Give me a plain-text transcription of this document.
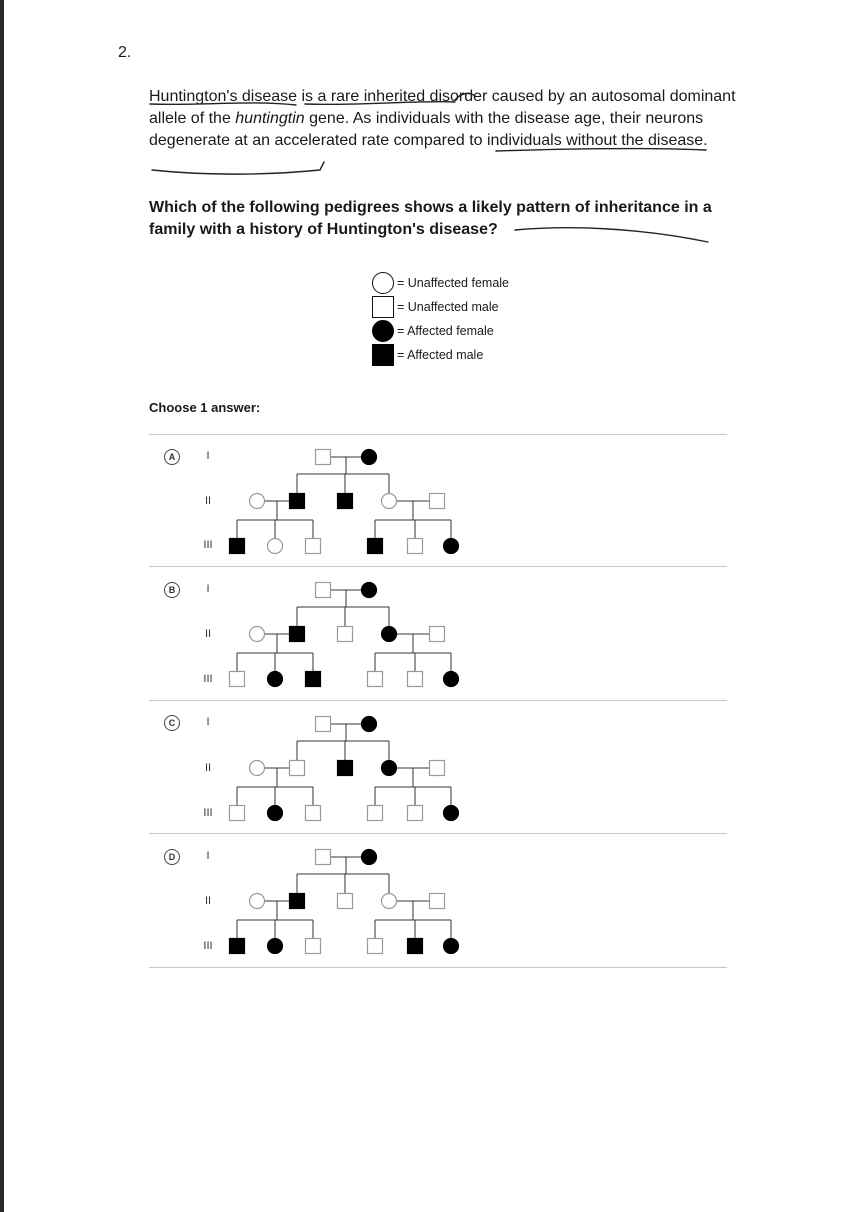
2.
Huntington's disease is a rare inherited disorder caused by an autosomal dominant allele of the huntingtin gene. As individuals with the disease age, their neurons degenerate at an accelerated rate compared to individuals without the disease.
Which of the following pedigrees shows a likely pattern of inheritance in a family with a history of Huntington's disease?
= Unaffected female
= Unaffected male
= Affected female
= Affected male
Choose 1 answer:
A	I
II
III
B	I
II
III
C	I
II
III
D	I
II
III
